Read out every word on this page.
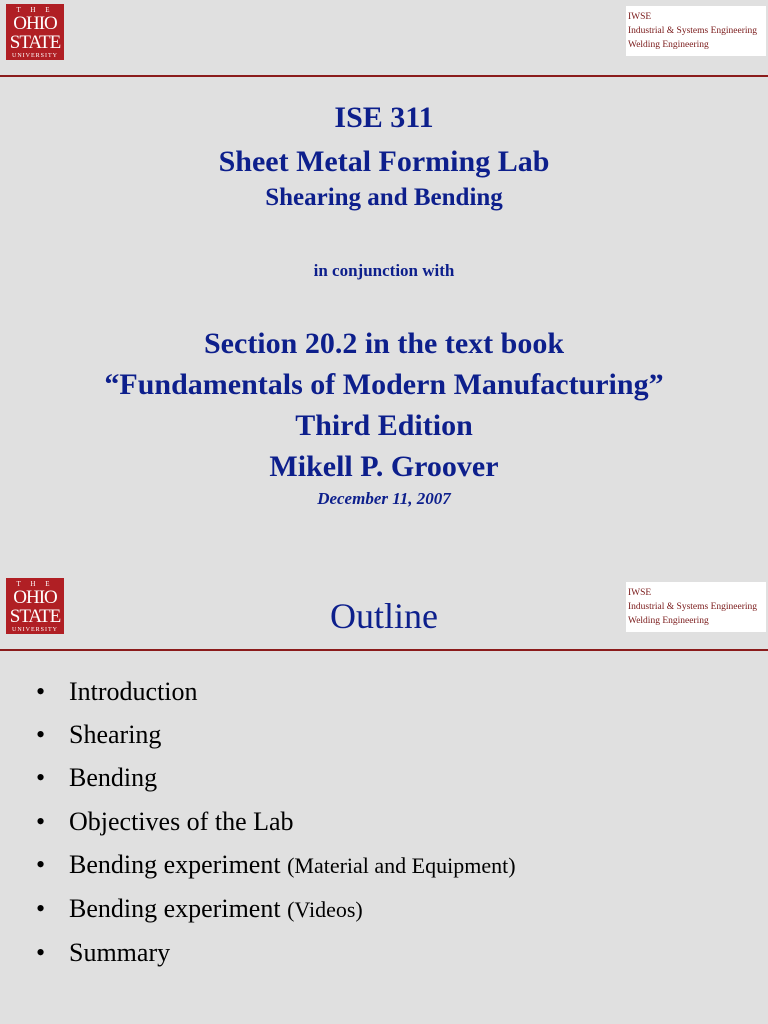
T H E
OHIO
STATE
UNIVERSITY
IWSE
Industrial & Systems Engineering
Welding Engineering
ISE 311
Sheet Metal Forming Lab
Shearing and Bending
in conjunction with
Section 20.2 in the text book
“Fundamentals of Modern Manufacturing”
Third Edition
Mikell P. Groover
December 11, 2007
T H E
OHIO
STATE
UNIVERSITY
IWSE
Industrial & Systems Engineering
Welding Engineering
Outline
• Introduction
• Shearing
• Bending
• Objectives of the Lab
• Bending experiment (Material and Equipment)
• Bending experiment (Videos)
• Summary
